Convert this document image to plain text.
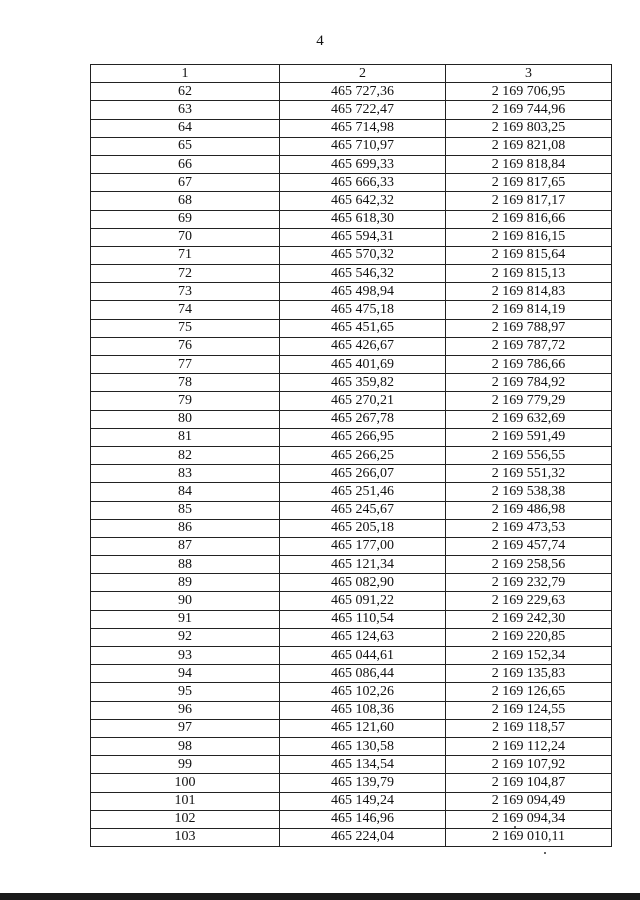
4
1	2	3
62	465 727,36	2 169 706,95
63	465 722,47	2 169 744,96
64	465 714,98	2 169 803,25
65	465 710,97	2 169 821,08
66	465 699,33	2 169 818,84
67	465 666,33	2 169 817,65
68	465 642,32	2 169 817,17
69	465 618,30	2 169 816,66
70	465 594,31	2 169 816,15
71	465 570,32	2 169 815,64
72	465 546,32	2 169 815,13
73	465 498,94	2 169 814,83
74	465 475,18	2 169 814,19
75	465 451,65	2 169 788,97
76	465 426,67	2 169 787,72
77	465 401,69	2 169 786,66
78	465 359,82	2 169 784,92
79	465 270,21	2 169 779,29
80	465 267,78	2 169 632,69
81	465 266,95	2 169 591,49
82	465 266,25	2 169 556,55
83	465 266,07	2 169 551,32
84	465 251,46	2 169 538,38
85	465 245,67	2 169 486,98
86	465 205,18	2 169 473,53
87	465 177,00	2 169 457,74
88	465 121,34	2 169 258,56
89	465 082,90	2 169 232,79
90	465 091,22	2 169 229,63
91	465 110,54	2 169 242,30
92	465 124,63	2 169 220,85
93	465 044,61	2 169 152,34
94	465 086,44	2 169 135,83
95	465 102,26	2 169 126,65
96	465 108,36	2 169 124,55
97	465 121,60	2 169 118,57
98	465 130,58	2 169 112,24
99	465 134,54	2 169 107,92
100	465 139,79	2 169 104,87
101	465 149,24	2 169 094,49
102	465 146,96	2 169 094,34
103	465 224,04	2 169 010,11
